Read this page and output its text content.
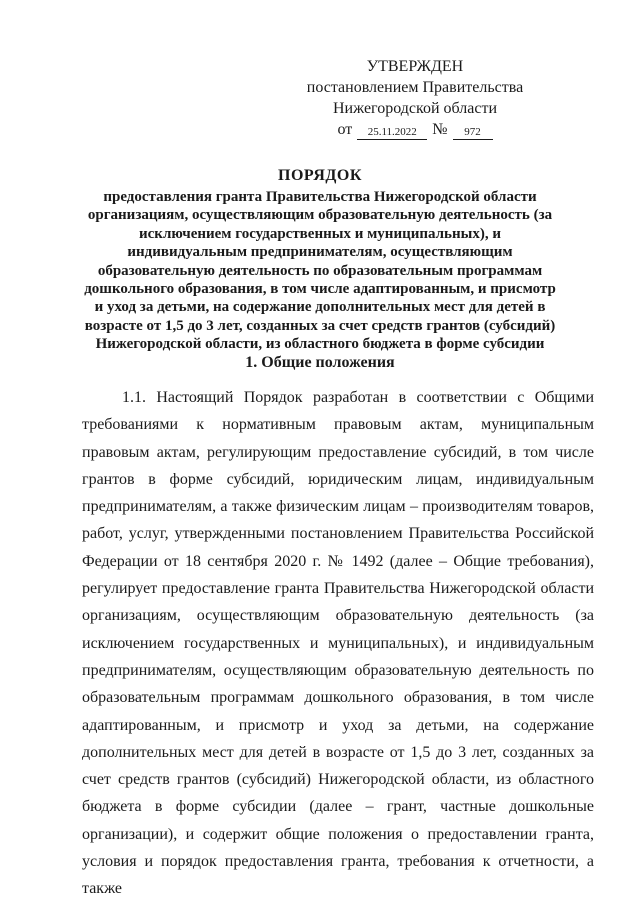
УТВЕРЖДЕН
постановлением Правительства
Нижегородской области
от	25.11.2022 №	972
ПОРЯДОК

предоставления гранта Правительства Нижегородской области организациям, осуществляющим образовательную деятельность (за исключением государственных и муниципальных), и индивидуальным предпринимателям, осуществляющим образовательную деятельность по образовательным программам дошкольного образования, в том числе адаптированным, и присмотр и уход за детьми, на содержание дополнительных мест для детей в возрасте от 1,5 до 3 лет, созданных за счет средств грантов (субсидий) Нижегородской области, из областного бюджета в форме субсидии

1. Общие положения

1.1. Настоящий Порядок разработан в соответствии с Общими требованиями к нормативным правовым актам, муниципальным правовым актам, регулирующим предоставление субсидий, в том числе грантов в форме субсидий, юридическим лицам, индивидуальным предпринимателям, а также физическим лицам – производителям товаров, работ, услуг, утвержденными постановлением Правительства Российской Федерации от 18 сентября 2020 г. № 1492 (далее – Общие требования), регулирует предоставление гранта Правительства Нижегородской области организациям, осуществляющим образовательную деятельность (за исключением государственных и муниципальных), и индивидуальным предпринимателям, осуществляющим образовательную деятельность по образовательным программам дошкольного образования, в том числе адаптированным, и присмотр и уход за детьми, на содержание дополнительных мест для детей в возрасте от 1,5 до 3 лет, созданных за счет средств грантов (субсидий) Нижегородской области, из областного бюджета в форме субсидии (далее – грант, частные дошкольные организации), и содержит общие положения о предоставлении гранта, условия и порядок предоставления гранта, требования к отчетности, а также
